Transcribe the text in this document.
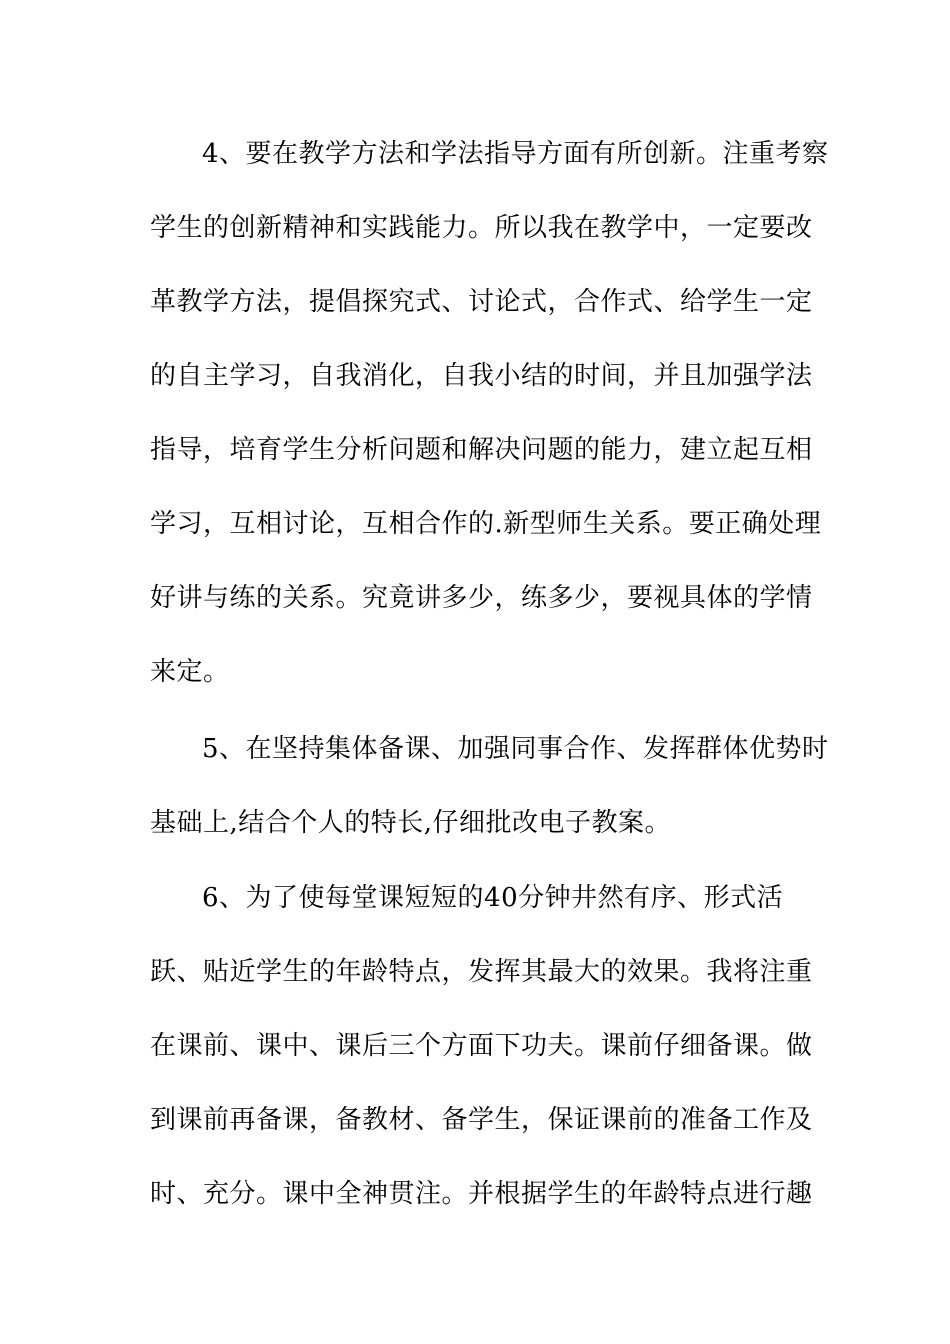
4、要在教学方法和学法指导方面有所创新。注重考察
学生的创新精神和实践能力。所以我在教学中，一定要改
革教学方法，提倡探究式、讨论式，合作式、给学生一定
的自主学习，自我消化，自我小结的时间，并且加强学法
指导，培育学生分析问题和解决问题的能力，建立起互相
学习，互相讨论，互相合作的.新型师生关系。要正确处理
好讲与练的关系。究竟讲多少，练多少，要视具体的学情
来定。
5、在坚持集体备课、加强同事合作、发挥群体优势时
基础上,结合个人的特长,仔细批改电子教案。
6、为了使每堂课短短的40分钟井然有序、形式活
跃、贴近学生的年龄特点，发挥其最大的效果。我将注重
在课前、课中、课后三个方面下功夫。课前仔细备课。做
到课前再备课，备教材、备学生，保证课前的准备工作及
时、充分。课中全神贯注。并根据学生的年龄特点进行趣
